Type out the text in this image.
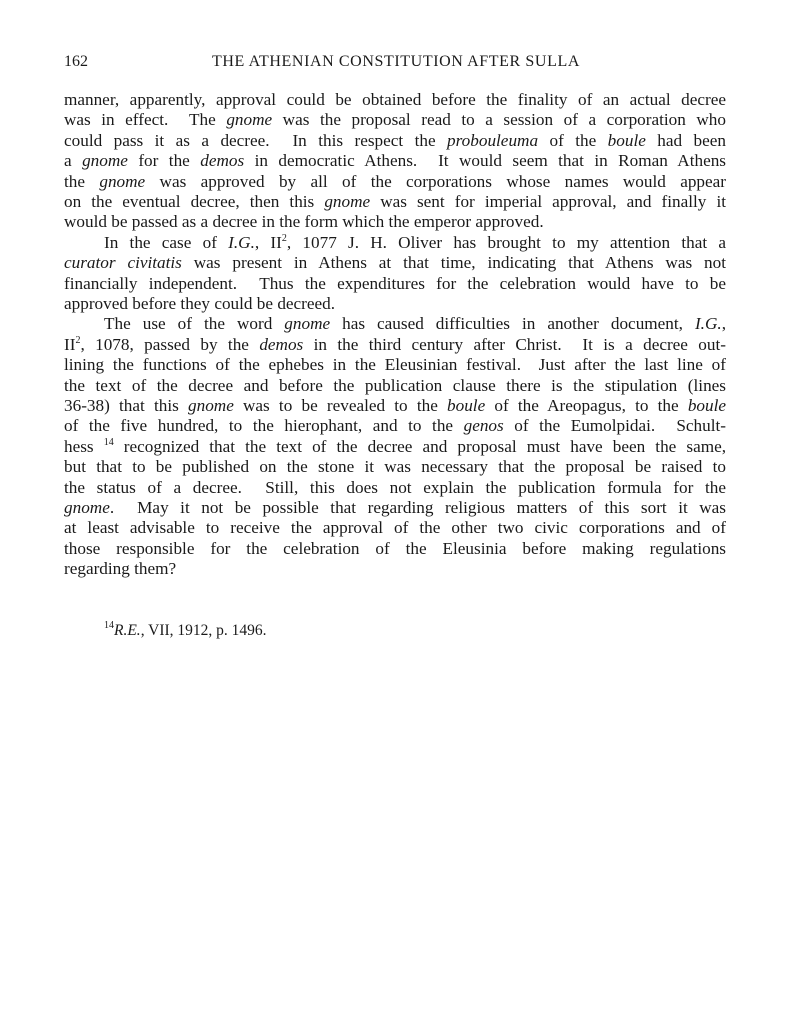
162	THE ATHENIAN CONSTITUTION AFTER SULLA
manner, apparently, approval could be obtained before the finality of an actual decree
was in effect.  The gnome was the proposal read to a session of a corporation who
could pass it as a decree.  In this respect the probouleuma of the boule had been
a gnome for the demos in democratic Athens.  It would seem that in Roman Athens
the gnome was approved by all of the corporations whose names would appear
on the eventual decree, then this gnome was sent for imperial approval, and finally it
would be passed as a decree in the form which the emperor approved.
In the case of I.G., $II^2$, 1077 J. H. Oliver has brought to my attention that a
curator civitatis was present in Athens at that time, indicating that Athens was not
financially independent.  Thus the expenditures for the celebration would have to be
approved before they could be decreed.
The use of the word gnome has caused difficulties in another document, I.G.,
$II^2$, 1078, passed by the demos in the third century after Christ.  It is a decree out-
lining the functions of the ephebes in the Eleusinian festival.  Just after the last line of
the text of the decree and before the publication clause there is the stipulation (lines
36-38) that this gnome was to be revealed to the boule of the Areopagus, to the boule
of the five hundred, to the hierophant, and to the genos of the Eumolpidai.  Schult-
hess $^{14}$ recognized that the text of the decree and proposal must have been the same,
but that to be published on the stone it was necessary that the proposal be raised to
the status of a decree.  Still, this does not explain the publication formula for the
gnome.  May it not be possible that regarding religious matters of this sort it was
at least advisable to receive the approval of the other two civic corporations and of
those responsible for the celebration of the Eleusinia before making regulations
regarding them?
$^{14}$R.E., VII, 1912, p. 1496.
